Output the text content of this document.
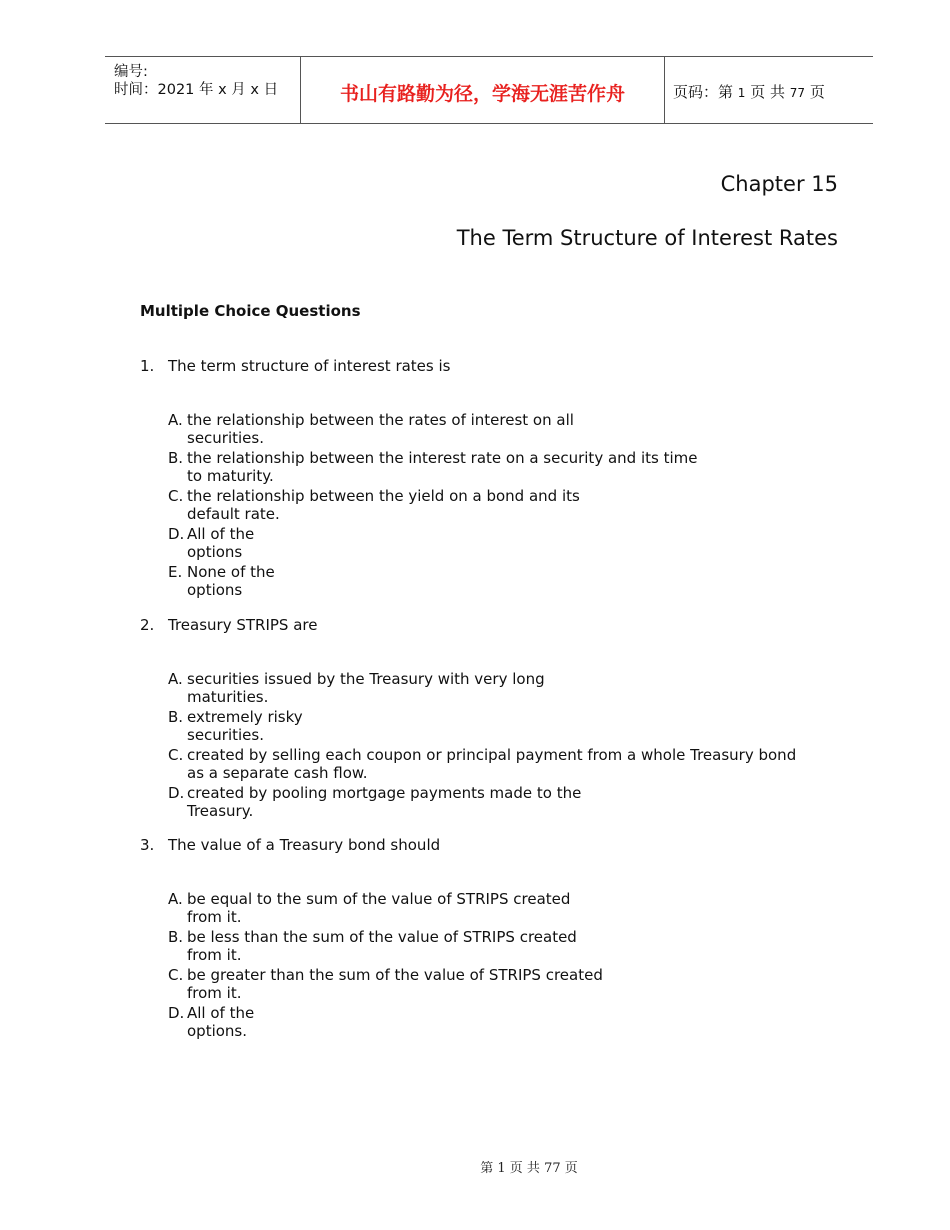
编号:
时间：2021 年 x 月 x 日	书山有路勤为径，学海无涯苦作舟	页码：第 1 页 共 77 页
Chapter 15
The Term Structure of Interest Rates
Multiple Choice Questions
1. The term structure of interest rates is
A. the relationship between the rates of interest on all
securities.
B. the relationship between the interest rate on a security and its time
to maturity.
C. the relationship between the yield on a bond and its
default rate.
D. All of the
options
E. None of the
options
2. Treasury STRIPS are
A. securities issued by the Treasury with very long
maturities.
B. extremely risky
securities.
C. created by selling each coupon or principal payment from a whole Treasury bond
as a separate cash flow.
D. created by pooling mortgage payments made to the
Treasury.
3. The value of a Treasury bond should
A. be equal to the sum of the value of STRIPS created
from it.
B. be less than the sum of the value of STRIPS created
from it.
C. be greater than the sum of the value of STRIPS created
from it.
D. All of the
options.
第 1 页 共 77 页
